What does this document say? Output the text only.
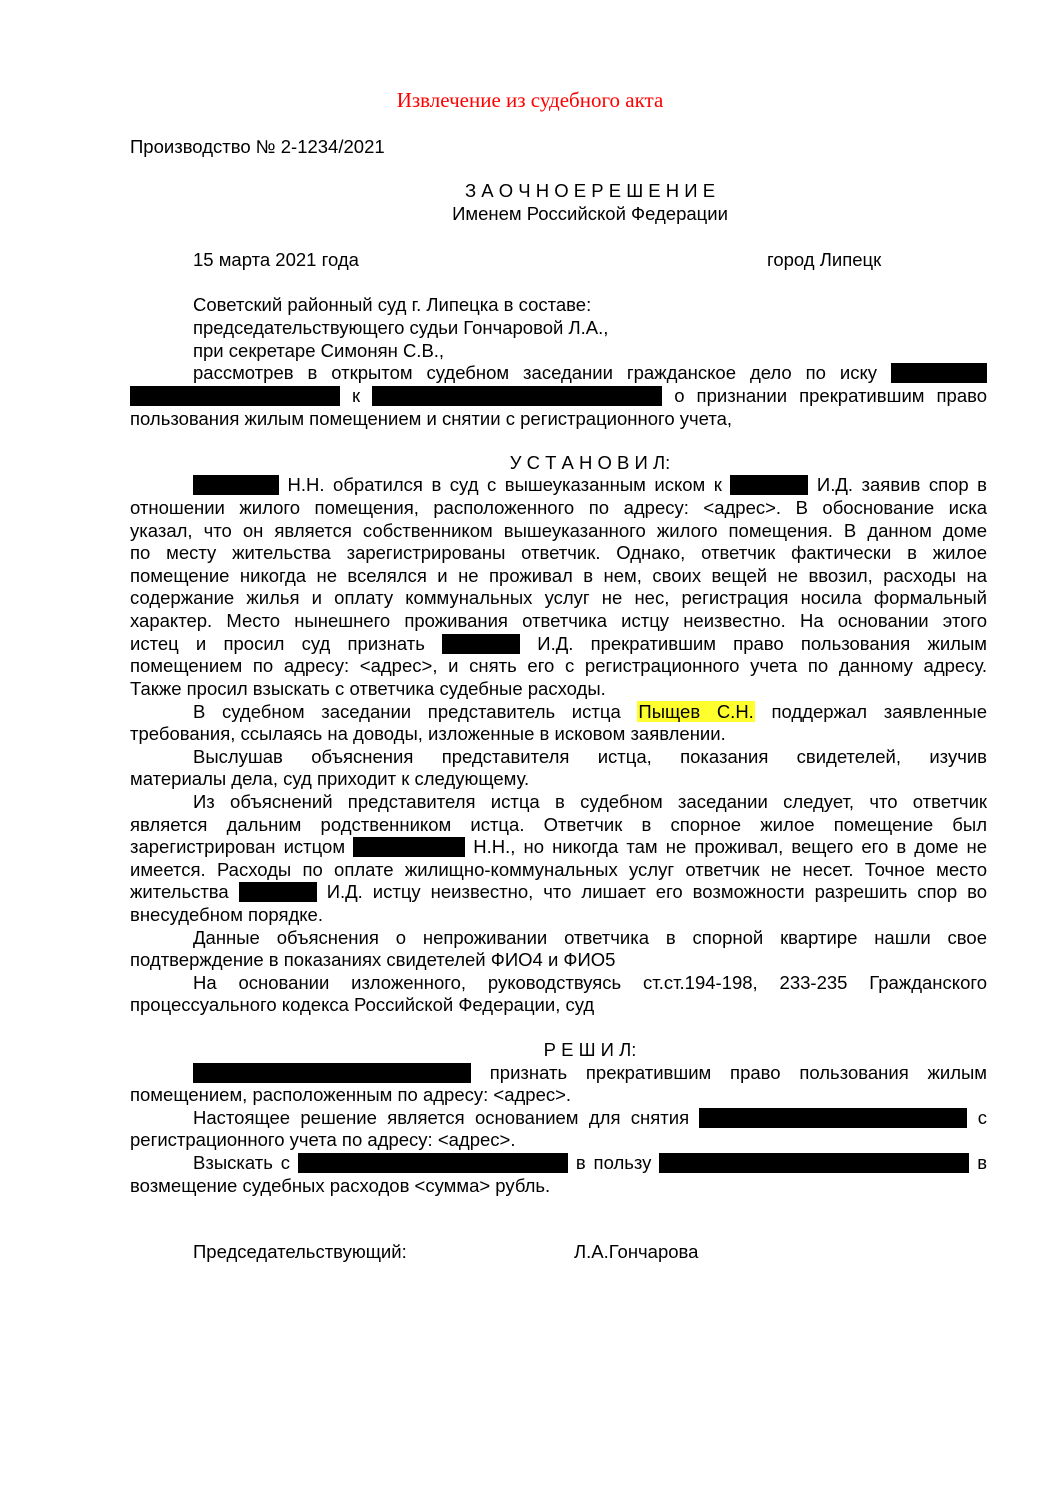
Извлечение из судебного акта
Производство № 2-1234/2021
З А О Ч Н О Е Р Е Ш Е Н И Е
Именем Российской Федерации
15 марта 2021 года	город Липецк
Советский районный суд г. Липецка в составе:
председательствующего судьи Гончаровой Л.А.,
при секретаре Симонян С.В.,
рассмотрев в открытом судебном заседании гражданское дело по иску
к	о признании прекратившим право
пользования жилым помещением и снятии с регистрационного учета,
У С Т А Н О В И Л:
Н.Н. обратился в суд с вышеуказанным иском к	И.Д. заявив спор в
отношении жилого помещения, расположенного по адресу: <адрес>. В обоснование иска
указал, что он является собственником вышеуказанного жилого помещения. В данном доме
по месту жительства зарегистрированы ответчик. Однако, ответчик фактически в жилое
помещение никогда не вселялся и не проживал в нем, своих вещей не ввозил, расходы на
содержание жилья и оплату коммунальных услуг не нес, регистрация носила формальный
характер. Место нынешнего проживания ответчика истцу неизвестно. На основании этого
истец и просил суд признать	И.Д. прекратившим право пользования жилым
помещением по адресу: <адрес>, и снять его с регистрационного учета по данному адресу.
Также просил взыскать с ответчика судебные расходы.
В судебном заседании представитель истца Пыщев С.Н. поддержал заявленные
требования, ссылаясь на доводы, изложенные в исковом заявлении.
Выслушав объяснения представителя истца, показания свидетелей, изучив
материалы дела, суд приходит к следующему.
Из объяснений представителя истца в судебном заседании следует, что ответчик
является дальним родственником истца. Ответчик в спорное жилое помещение был
зарегистрирован истцом	Н.Н., но никогда там не проживал, вещего его в доме не
имеется. Расходы по оплате жилищно-коммунальных услуг ответчик не несет. Точное место
жительства	И.Д. истцу неизвестно, что лишает его возможности разрешить спор во
внесудебном порядке.
Данные объяснения о непроживании ответчика в спорной квартире нашли свое
подтверждение в показаниях свидетелей ФИО4 и ФИО5
На основании изложенного, руководствуясь ст.ст.194-198, 233-235 Гражданского
процессуального кодекса Российской Федерации, суд
Р Е Ш И Л:
признать прекратившим право пользования жилым
помещением, расположенным по адресу: <адрес>.
Настоящее решение является основанием для снятия	с
регистрационного учета по адресу: <адрес>.
Взыскать с	в пользу	в
возмещение судебных расходов <сумма> рубль.
Председательствующий:	Л.А.Гончарова
